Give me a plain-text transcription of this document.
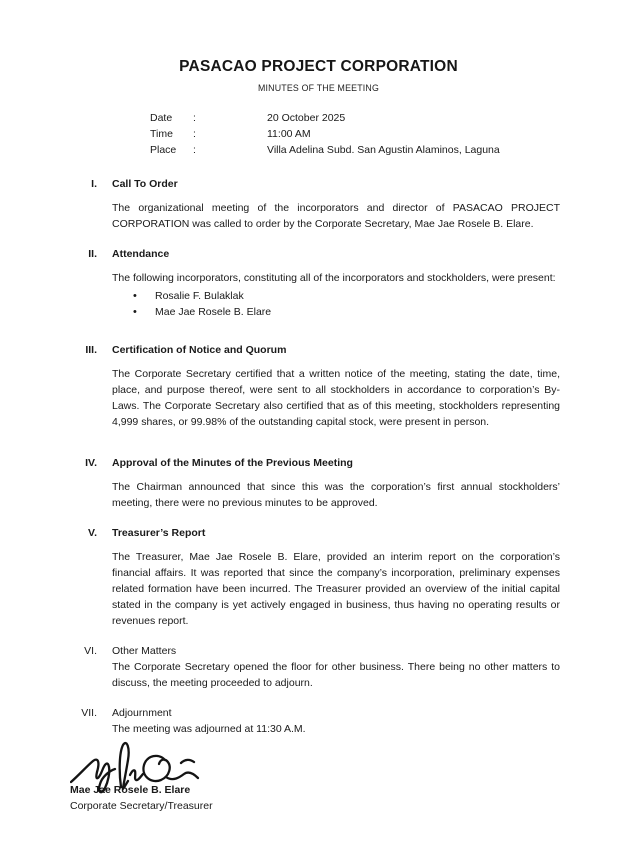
PASACAO PROJECT CORPORATION
MINUTES OF THE MEETING
Date	:	20 October 2025
Time	:	11:00 AM
Place	:	Villa Adelina Subd. San Agustin Alaminos, Laguna
I. Call To Order
The organizational meeting of the incorporators and director of PASACAO PROJECT CORPORATION was called to order by the Corporate Secretary, Mae Jae Rosele B. Elare.
II. Attendance
The following incorporators, constituting all of the incorporators and stockholders, were present:
• Rosalie F. Bulaklak
• Mae Jae Rosele B. Elare
III. Certification of Notice and Quorum
The Corporate Secretary certified that a written notice of the meeting, stating the date, time, place, and purpose thereof, were sent to all stockholders in accordance to corporation’s By-Laws. The Corporate Secretary also certified that as of this meeting, stockholders representing 4,999 shares, or 99.98% of the outstanding capital stock, were present in person.
IV. Approval of the Minutes of the Previous Meeting
The Chairman announced that since this was the corporation’s first annual stockholders’ meeting, there were no previous minutes to be approved.
V. Treasurer’s Report
The Treasurer, Mae Jae Rosele B. Elare, provided an interim report on the corporation’s financial affairs. It was reported that since the company’s incorporation, preliminary expenses related formation have been incurred. The Treasurer provided an overview of the initial capital stated in the company is yet actively engaged in business, thus having no operating results or revenues report.
VI. Other Matters
The Corporate Secretary opened the floor for other business. There being no other matters to discuss, the meeting proceeded to adjourn.
VII. Adjournment
The meeting was adjourned at 11:30 A.M.
Mae Jae Rosele B. Elare
Corporate Secretary/Treasurer
